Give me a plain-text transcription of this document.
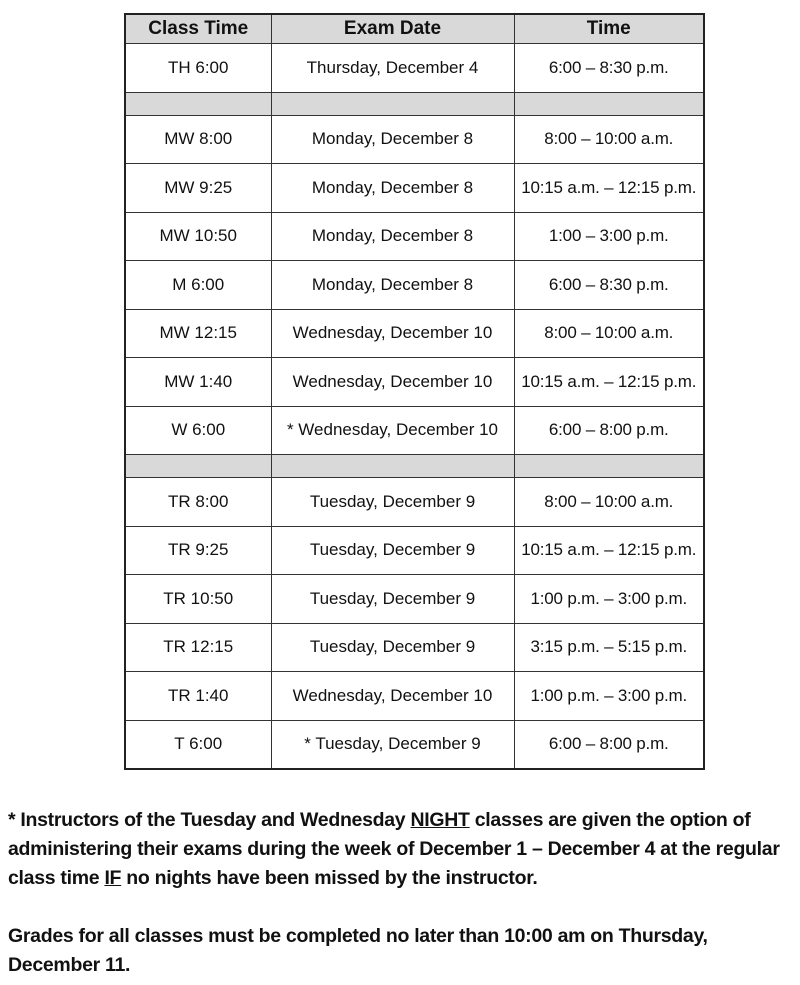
Class Time	Exam Date	Time
TH 6:00	Thursday, December 4	6:00 – 8:30 p.m.

MW 8:00	Monday, December 8	8:00 – 10:00 a.m.
MW 9:25	Monday, December 8	10:15 a.m. – 12:15 p.m.
MW 10:50	Monday, December 8	1:00 – 3:00 p.m.
M 6:00	Monday, December 8	6:00 – 8:30 p.m.
MW 12:15	Wednesday, December 10	8:00 – 10:00 a.m.
MW 1:40	Wednesday, December 10	10:15 a.m. – 12:15 p.m.
W 6:00	* Wednesday, December 10	6:00 – 8:00 p.m.

TR 8:00	Tuesday, December 9	8:00 – 10:00 a.m.
TR 9:25	Tuesday, December 9	10:15 a.m. – 12:15 p.m.
TR 10:50	Tuesday, December 9	1:00 p.m. – 3:00 p.m.
TR 12:15	Tuesday, December 9	3:15 p.m. – 5:15 p.m.
TR 1:40	Wednesday, December 10	1:00 p.m. – 3:00 p.m.
T 6:00	* Tuesday, December 9	6:00 – 8:00 p.m.

* Instructors of the Tuesday and Wednesday NIGHT classes are given the option of administering their exams during the week of December 1 – December 4 at the regular class time IF no nights have been missed by the instructor.

Grades for all classes must be completed no later than 10:00 am on Thursday, December 11.
